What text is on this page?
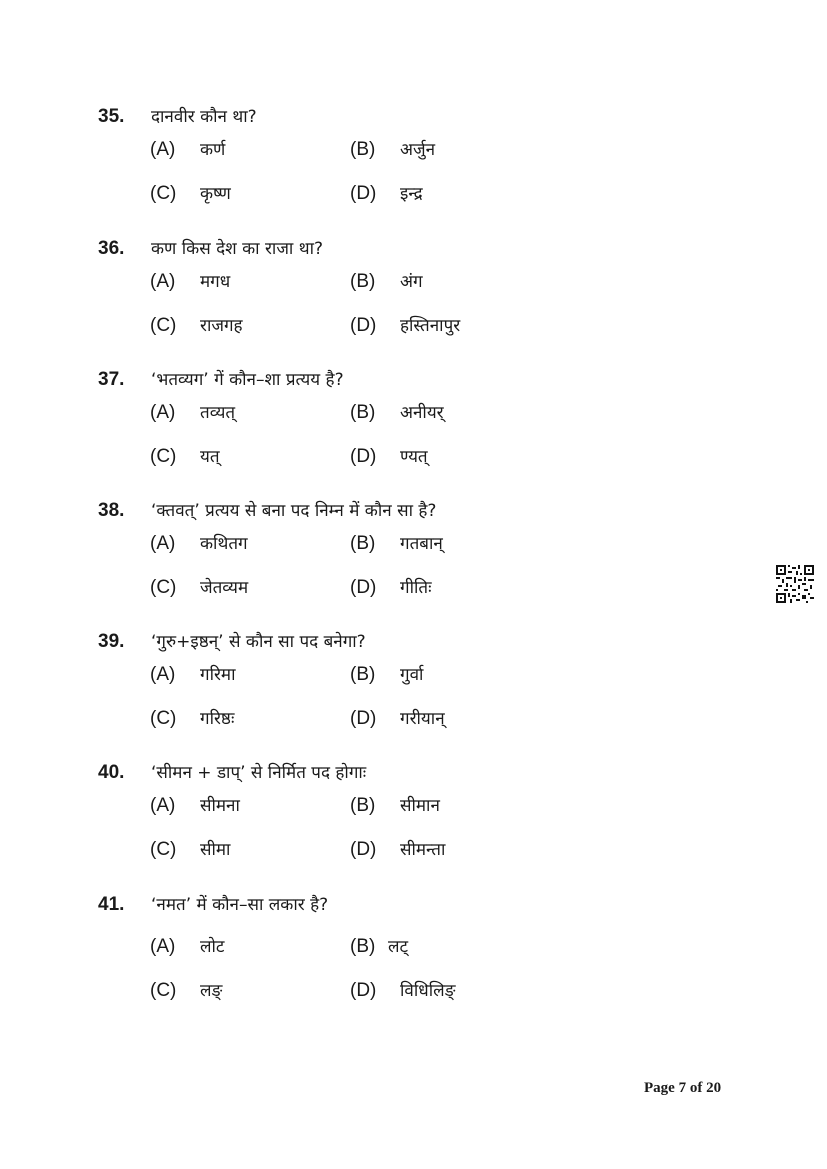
35. दानवीर कौन था?
(A) कर्ण	(B) अर्जुन
(C) कृष्ण	(D) इन्द्र
36. कण किस देश का राजा था?
(A) मगध	(B) अंग
(C) राजगह	(D) हस्तिनापुर
37. ‘भतव्यग’ गें कौन–शा प्रत्यय है?
(A) तव्यत्	(B) अनीयर्
(C) यत्	(D) ण्यत्
38. ‘क्तवत्’ प्रत्यय से बना पद निम्न में कौन सा है?
(A) कथितग	(B) गतबान्
(C) जेतव्यम	(D) गीतिः
39. ‘गुरु+इष्ठन्’ से कौन सा पद बनेगा?
(A) गरिमा	(B) गुर्वा
(C) गरिष्ठः	(D) गरीयान्
40. ‘सीमन + डाप्’ से निर्मित पद होगाः
(A) सीमना	(B) सीमान
(C) सीमा	(D) सीमन्ता
41. ‘नमत’ में कौन–सा लकार है?
(A) लोट	(B) लट्
(C) लङ्	(D) विधिलिङ्
Page 7 of 20
